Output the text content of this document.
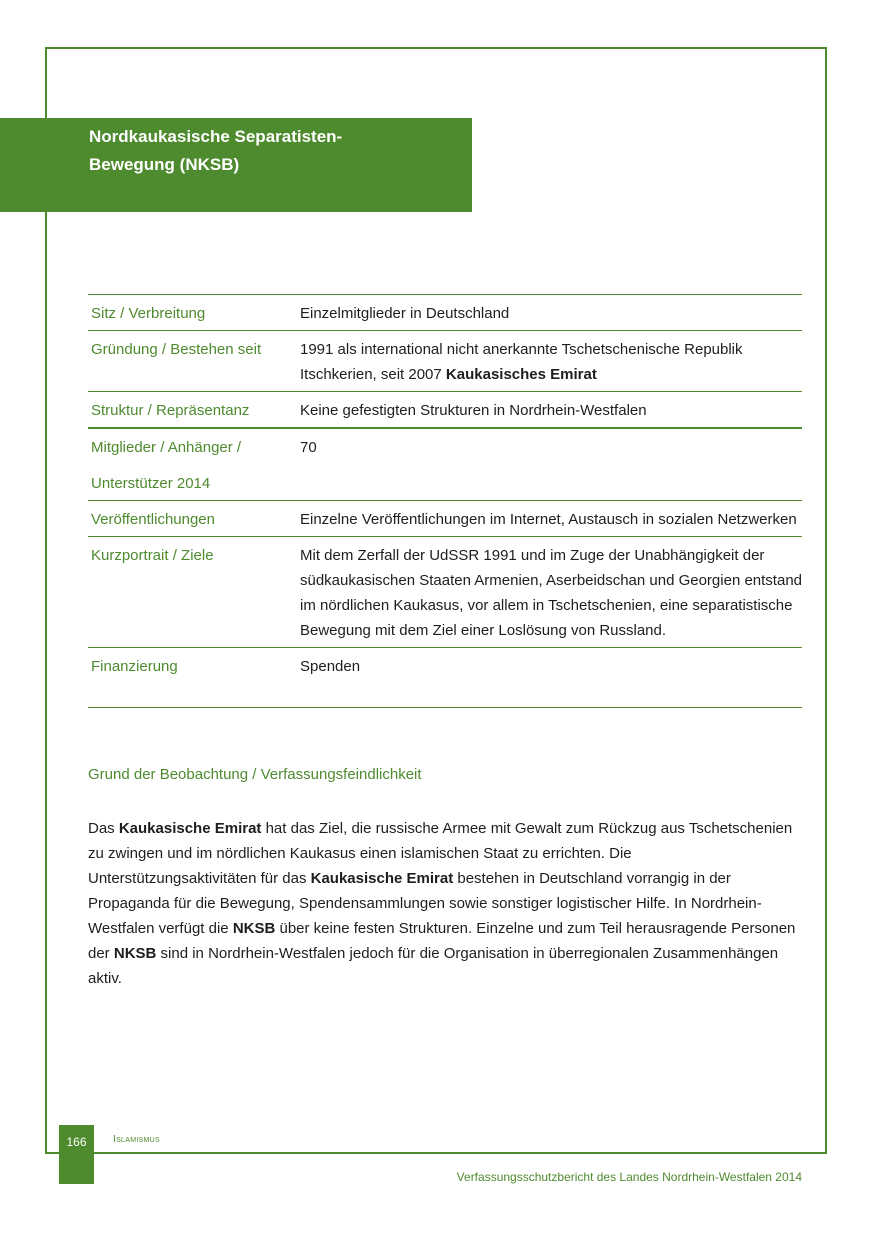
Nordkaukasische Separatisten-
Bewegung (NKSB)
Sitz / Verbreitung	Einzelmitglieder in Deutschland
Gründung / Bestehen seit	1991 als international nicht anerkannte Tschetschenische Republik Itschkerien, seit 2007 Kaukasisches Emirat
Struktur / Repräsentanz	Keine gefestigten Strukturen in Nordrhein-Westfalen
Mitglieder / Anhänger /
Unterstützer 2014	70
Veröffentlichungen	Einzelne Veröffentlichungen im Internet, Austausch in sozialen Netzwerken
Kurzportrait / Ziele	Mit dem Zerfall der UdSSR 1991 und im Zuge der Unabhängigkeit der südkaukasischen Staaten Armenien, Aserbeidschan und Georgien entstand im nördlichen Kaukasus, vor allem in Tschetschenien, eine separatistische Bewegung mit dem Ziel einer Loslösung von Russland.
Finanzierung	Spenden
Grund der Beobachtung / Verfassungsfeindlichkeit

Das Kaukasische Emirat hat das Ziel, die russische Armee mit Gewalt zum Rückzug aus Tschetschenien zu zwingen und im nördlichen Kaukasus einen islamischen Staat zu errichten. Die Unterstützungsaktivitäten für das Kaukasische Emirat bestehen in Deutschland vorrangig in der Propaganda für die Bewegung, Spendensammlungen sowie sonstiger logistischer Hilfe. In Nordrhein-Westfalen verfügt die NKSB über keine festen Strukturen. Einzelne und zum Teil herausragende Personen der NKSB sind in Nordrhein-Westfalen jedoch für die Organisation in überregionalen Zusammenhängen aktiv.

166	Islamismus
Verfassungsschutzbericht des Landes Nordrhein-Westfalen 2014
